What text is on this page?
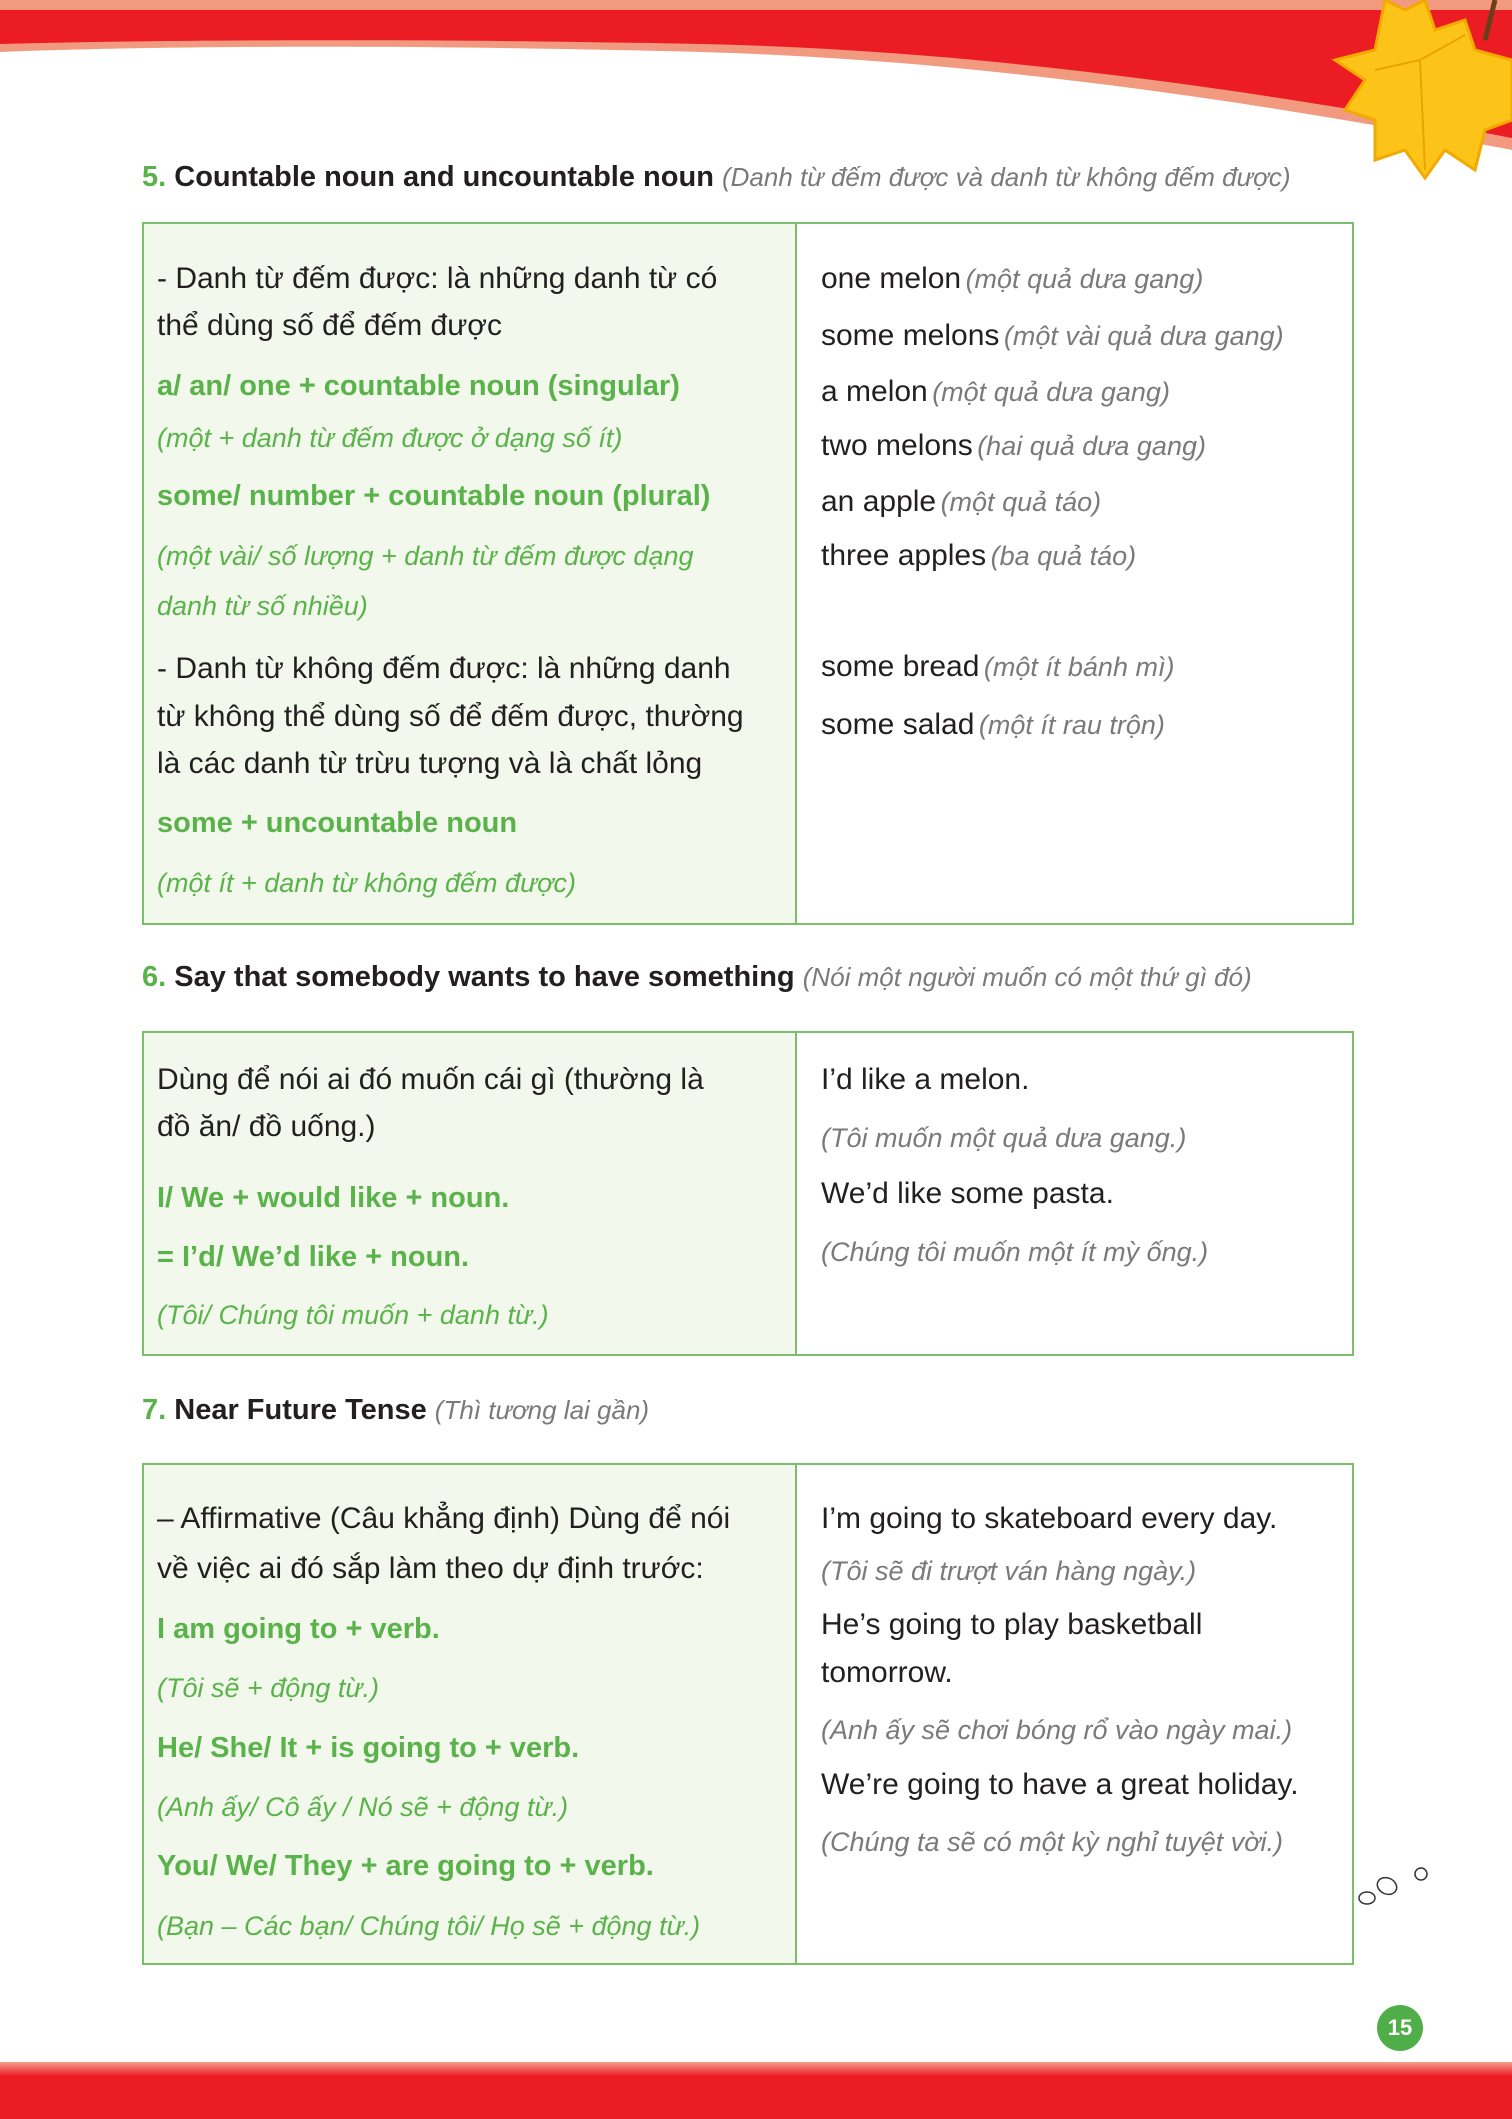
5. Countable noun and uncountable noun (Danh từ đếm được và danh từ không đếm được)
- Danh từ đếm được: là những danh từ có
thể dùng số để đếm được
a/ an/ one + countable noun (singular)
(một + danh từ đếm được ở dạng số ít)
some/ number + countable noun (plural)
(một vài/ số lượng + danh từ đếm được dạng
danh từ số nhiều)
- Danh từ không đếm được: là những danh
từ không thể dùng số để đếm được, thường
là các danh từ trừu tượng và là chất lỏng
some + uncountable noun
(một ít + danh từ không đếm được)
one melon (một quả dưa gang)
some melons (một vài quả dưa gang)
a melon (một quả dưa gang)
two melons (hai quả dưa gang)
an apple (một quả táo)
three apples (ba quả táo)
some bread (một ít bánh mì)
some salad (một ít rau trộn)
6. Say that somebody wants to have something (Nói một người muốn có một thứ gì đó)
Dùng để nói ai đó muốn cái gì (thường là
đồ ăn/ đồ uống.)
I/ We + would like + noun.
= I’d/ We’d like + noun.
(Tôi/ Chúng tôi muốn + danh từ.)
I’d like a melon.
(Tôi muốn một quả dưa gang.)
We’d like some pasta.
(Chúng tôi muốn một ít mỳ ống.)
7. Near Future Tense (Thì tương lai gần)
– Affirmative (Câu khẳng định) Dùng để nói
về việc ai đó sắp làm theo dự định trước:
I am going to + verb.
(Tôi sẽ + động từ.)
He/ She/ It + is going to + verb.
(Anh ấy/ Cô ấy / Nó sẽ + động từ.)
You/ We/ They + are going to + verb.
(Bạn – Các bạn/ Chúng tôi/ Họ sẽ + động từ.)
I’m going to skateboard every day.
(Tôi sẽ đi trượt ván hàng ngày.)
He’s going to play basketball
tomorrow.
(Anh ấy sẽ chơi bóng rổ vào ngày mai.)
We’re going to have a great holiday.
(Chúng ta sẽ có một kỳ nghỉ tuyệt vời.)
15
